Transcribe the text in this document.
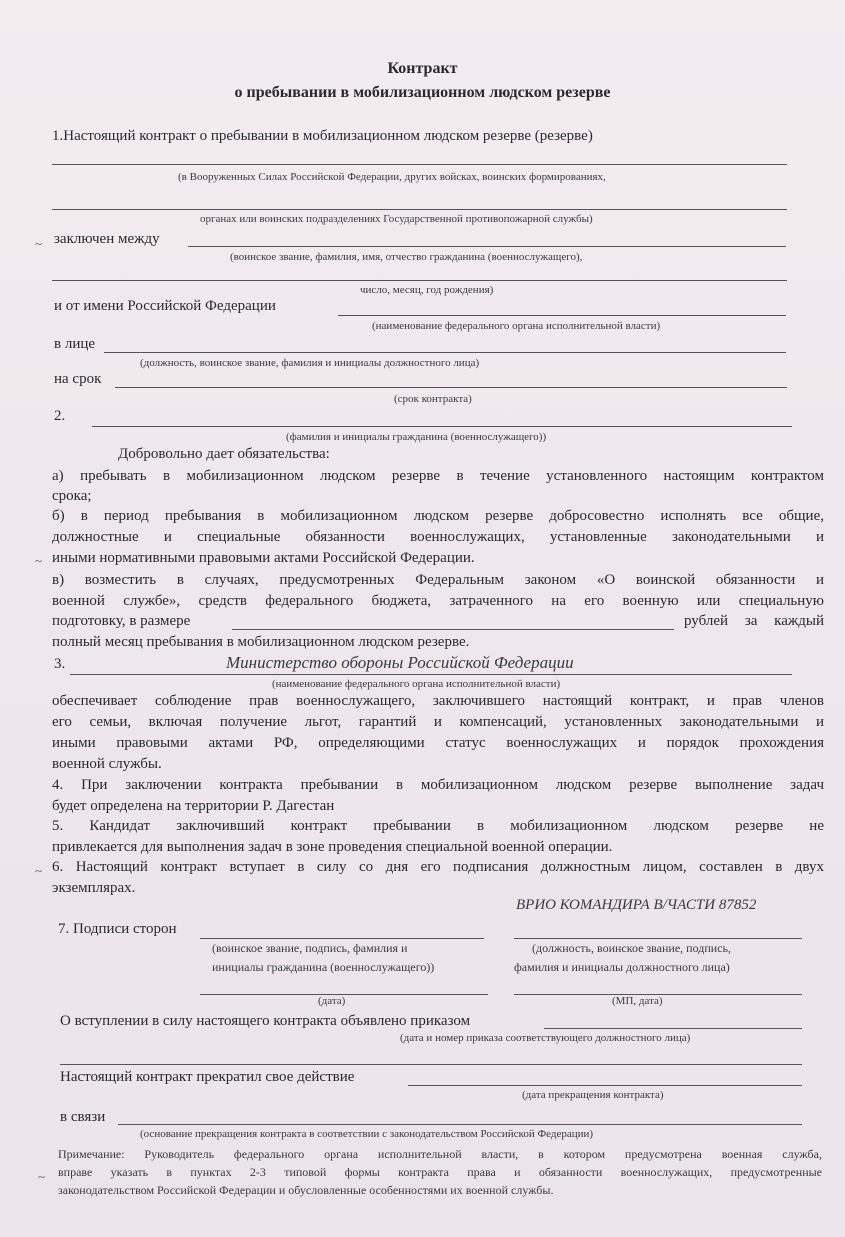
Контракт
о пребывании в мобилизационном людском резерве
1.Настоящий контракт о пребывании в мобилизационном людском резерве (резерве)
(в Вооруженных Силах Российской Федерации, других войсках, воинских формированиях,
органах или воинских подразделениях Государственной противопожарной службы)
~ заключен между
(воинское звание, фамилия, имя, отчество гражданина (военнослужащего),
число, месяц, год рождения)
и от имени Российской Федерации
(наименование федерального органа исполнительной власти)
в лице
(должность, воинское звание, фамилия и инициалы должностного лица)
на срок
(срок контракта)
2.
(фамилия и инициалы гражданина (военнослужащего))
Добровольно дает обязательства:
а) пребывать в мобилизационном людском резерве в течение установленного настоящим контрактом
срока;
б) в период пребывания в мобилизационном людском резерве добросовестно исполнять все общие,
должностные и специальные обязанности военнослужащих, установленные законодательными и
~ иными нормативными правовыми актами Российской Федерации.
в) возместить в случаях, предусмотренных Федеральным законом «О воинской обязанности и
военной службе», средств федерального бюджета, затраченного на его военную или специальную
подготовку, в размере	рублей за каждый
полный месяц пребывания в мобилизационном людском резерве.
3.	Министерство обороны Российской Федерации
(наименование федерального органа исполнительной власти)
обеспечивает соблюдение прав военнослужащего, заключившего настоящий контракт, и прав членов
его семьи, включая получение льгот, гарантий и компенсаций, установленных законодательными и
иными правовыми актами РФ, определяющими статус военнослужащих и порядок прохождения
военной службы.
4. При заключении контракта пребывании в мобилизационном людском резерве выполнение задач
будет определена на территории Р. Дагестан
5. Кандидат заключивший контракт пребывании в мобилизационном людском резерве не
привлекается для выполнения задач в зоне проведения специальной военной операции.
~ 6. Настоящий контракт вступает в силу со дня его подписания должностным лицом, составлен в двух
экземплярах.
ВРИО КОМАНДИРА В/ЧАСТИ 87852
7. Подписи сторон
(воинское звание, подпись, фамилия и
инициалы гражданина (военнослужащего))
(должность, воинское звание, подпись,
фамилия и инициалы должностного лица)
(дата)	(МП, дата)
О вступлении в силу настоящего контракта объявлено приказом
(дата и номер приказа соответствующего должностного лица)
Настоящий контракт прекратил свое действие
(дата прекращения контракта)
в связи
(основание прекращения контракта в соответствии с законодательством Российской Федерации)
Примечание: Руководитель федерального органа исполнительной власти, в котором предусмотрена военная служба,
~ вправе указать в пунктах 2-3 типовой формы контракта права и обязанности военнослужащих, предусмотренные
законодательством Российской Федерации и обусловленные особенностями их военной службы.
